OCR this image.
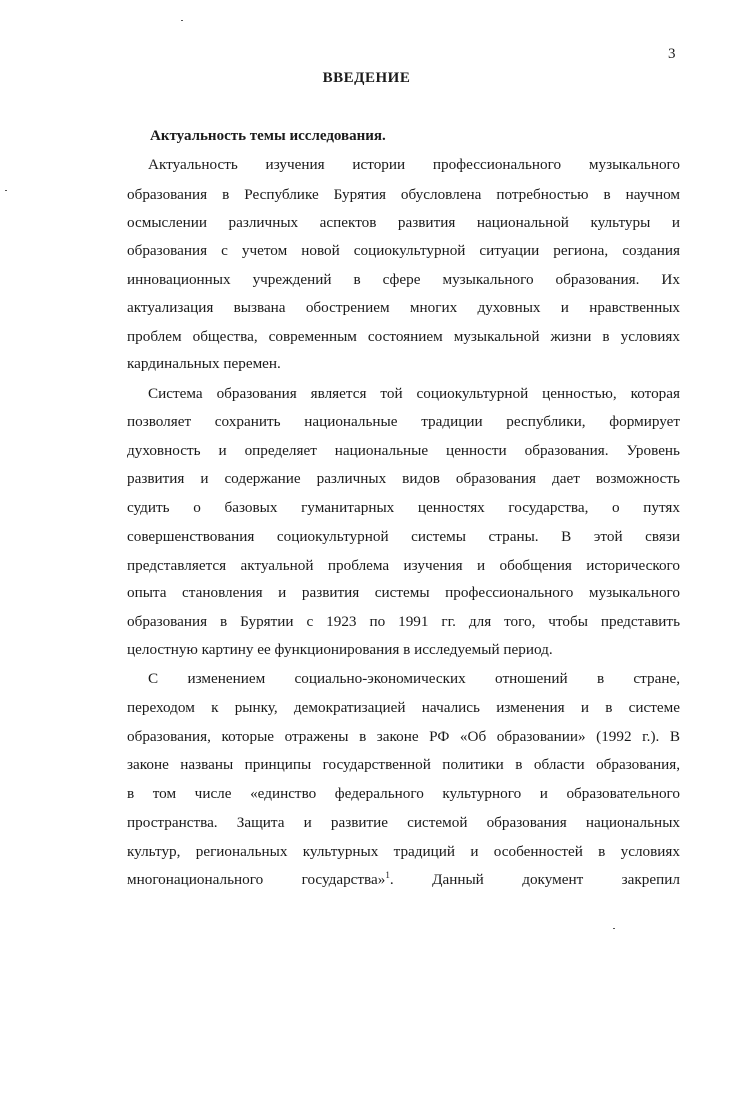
3
ВВЕДЕНИЕ
Актуальность темы исследования.
Актуальность изучения истории профессионального музыкального
образования в Республике Бурятия обусловлена потребностью в научном
осмыслении различных аспектов развития национальной культуры и
образования с учетом новой социокультурной ситуации региона, создания
инновационных учреждений в сфере музыкального образования. Их
актуализация вызвана обострением многих духовных и нравственных
проблем общества, современным состоянием музыкальной жизни в условиях
кардинальных перемен.
Система образования является той социокультурной ценностью, которая
позволяет сохранить национальные традиции республики, формирует
духовность и определяет национальные ценности образования. Уровень
развития и содержание различных видов образования дает возможность
судить о базовых гуманитарных ценностях государства, о путях
совершенствования социокультурной системы страны. В этой связи
представляется актуальной проблема изучения и обобщения исторического
опыта становления и развития системы профессионального музыкального
образования в Бурятии с 1923 по 1991 гг. для того, чтобы представить
целостную картину ее функционирования в исследуемый период.
С изменением социально-экономических отношений в стране,
переходом к рынку, демократизацией начались изменения и в системе
образования, которые отражены в законе РФ «Об образовании» (1992 г.). В
законе названы принципы государственной политики в области образования,
в том числе «единство федерального культурного и образовательного
пространства. Защита и развитие системой образования национальных
культур, региональных культурных традиций и особенностей в условиях
многонационального	государства»$^1$.	Данный	документ	закрепил
